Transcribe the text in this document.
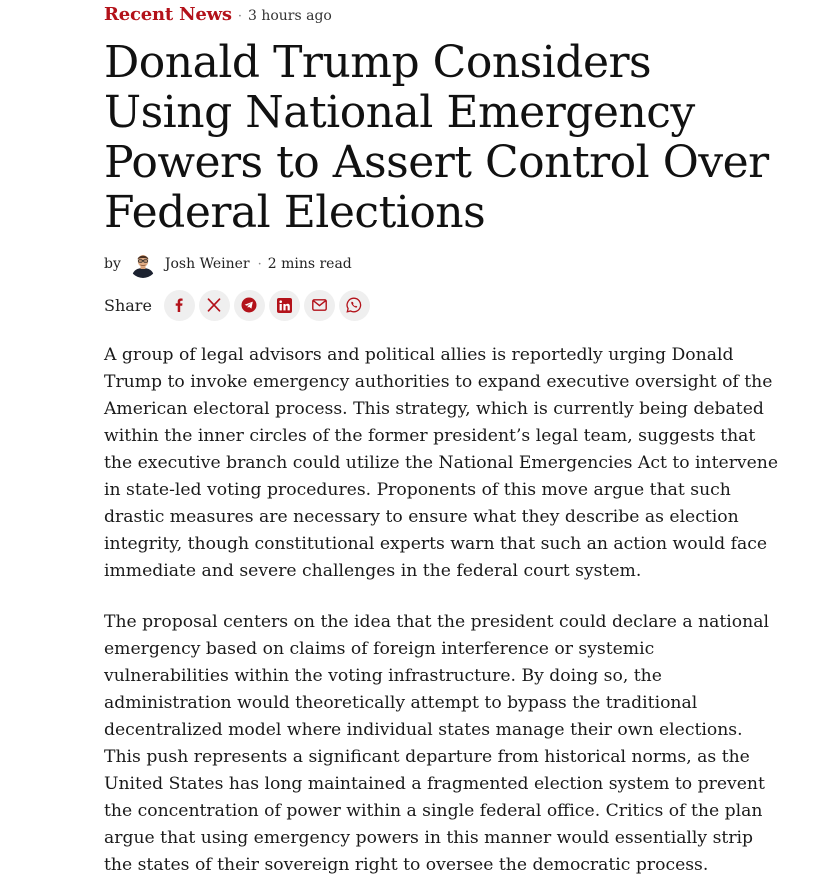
Recent News · 3 hours ago
Donald Trump Considers Using National Emergency Powers to Assert Control Over Federal Elections
by	Josh Weiner · 2 mins read
Share

A group of legal advisors and political allies is reportedly urging Donald Trump to invoke emergency authorities to expand executive oversight of the American electoral process. This strategy, which is currently being debated within the inner circles of the former president’s legal team, suggests that the executive branch could utilize the National Emergencies Act to intervene in state-led voting procedures. Proponents of this move argue that such drastic measures are necessary to ensure what they describe as election integrity, though constitutional experts warn that such an action would face immediate and severe challenges in the federal court system.

The proposal centers on the idea that the president could declare a national emergency based on claims of foreign interference or systemic vulnerabilities within the voting infrastructure. By doing so, the administration would theoretically attempt to bypass the traditional decentralized model where individual states manage their own elections. This push represents a significant departure from historical norms, as the United States has long maintained a fragmented election system to prevent the concentration of power within a single federal office. Critics of the plan argue that using emergency powers in this manner would essentially strip the states of their sovereign right to oversee the democratic process.
